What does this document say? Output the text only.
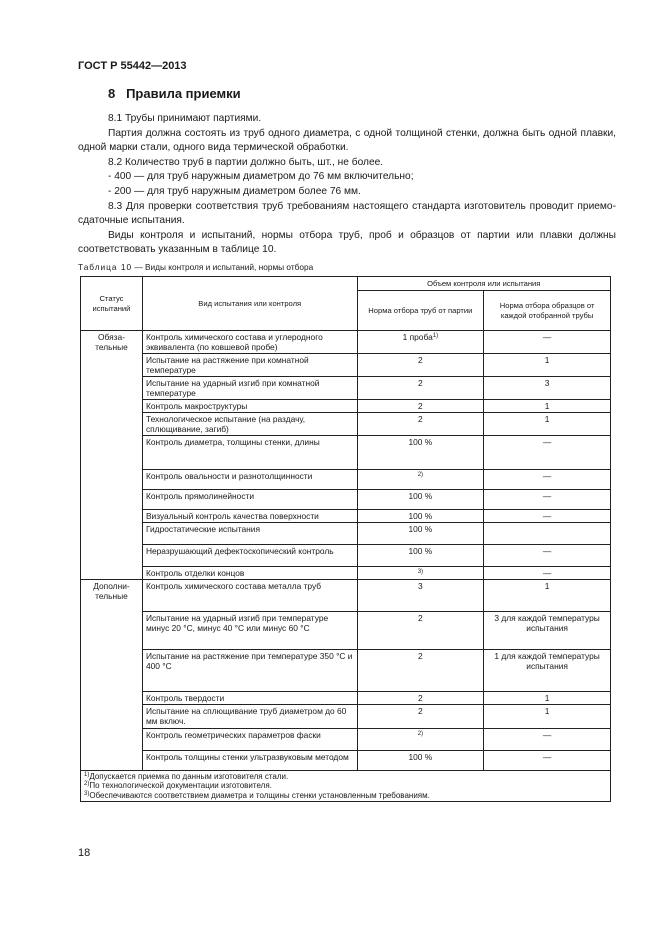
ГОСТ Р 55442—2013
8 Правила приемки

8.1 Трубы принимают партиями.

Партия должна состоять из труб одного диаметра, с одной толщиной стенки, должна быть одной плавки, одной марки стали, одного вида термической обработки.

8.2 Количество труб в партии должно быть, шт., не более.

- 400 — для труб наружным диаметром до 76 мм включительно;

- 200 — для труб наружным диаметром более 76 мм.

8.3 Для проверки соответствия труб требованиям настоящего стандарта изготовитель проводит приемо-сдаточные испытания.

Виды контроля и испытаний, нормы отбора труб, проб и образцов от партии или плавки должны соответствовать указанным в таблице 10.

Таблица 10 — Виды контроля и испытаний, нормы отбора
Статус испытаний	Вид испытания или контроля	Объем контроля или испытания	
		Норма отбора труб от партии	Норма отбора образцов от каждой отобранной трубы
Обяза-тельные	Контроль химического состава и углеродного эквивалента (по ковшевой пробе)	1 проба$^{1)}$	—
	Испытание на растяжение при комнатной температуре	2	1
	Испытание на ударный изгиб при комнатной температуре	2	3
	Контроль макроструктуры	2	1
	Технологическое испытание (на раздачу, сплющивание, загиб)	2	1
	Контроль диаметра, толщины стенки, длины	100 %	—
	Контроль овальности и разнотолщинности	$^{2)}$	—
	Контроль прямолинейности	100 %	—
	Визуальный контроль качества поверхности	100 %	—
	Гидростатические испытания	100 %	
	Неразрушающий дефектоскопический контроль	100 %	—
	Контроль отделки концов	$^{3)}$	—
Дополни-тельные	Контроль химического состава металла труб	3	1
	Испытание на ударный изгиб при температуре минус 20 °С, минус 40 °С или минус 60 °С	2	3 для каждой температуры испытания
	Испытание на растяжение при температуре 350 °С и 400 °С	2	1 для каждой температуры испытания
	Контроль твердости	2	1
	Испытание на сплющивание труб диаметром до 60 мм включ.	2	1
	Контроль геометрических параметров фаски	$^{2)}$	—
	Контроль толщины стенки ультразвуковым методом	100 %	—

$^{1)}$Допускается приемка по данным изготовителя стали.
$^{2)}$По технологической документации изготовителя.
$^{3)}$Обеспечиваются соответствием диаметра и толщины стенки установленным требованиям.			
18
